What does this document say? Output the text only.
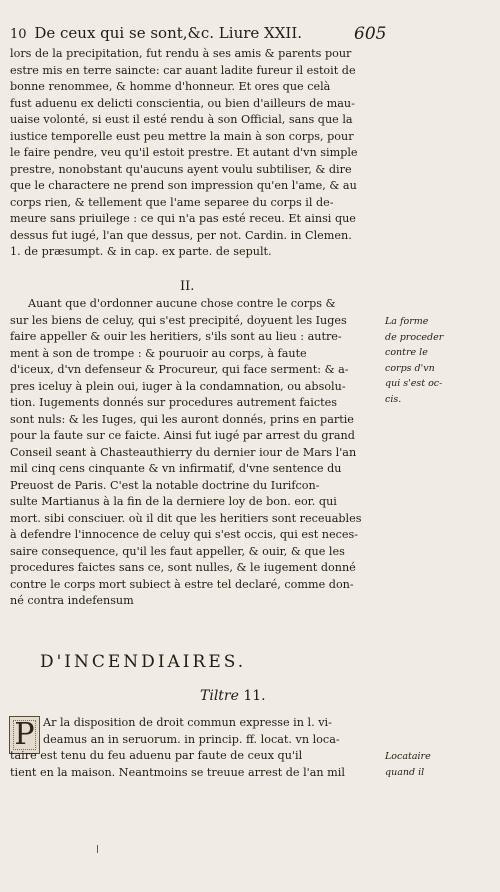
10 De ceux qui se sont,&c. Liure XXII.	605
lors de la precipitation, fut rendu à ses amis & parents pour
estre mis en terre saincte: car auant ladite fureur il estoit de
bonne renommee, & homme d'honneur. Et ores que celà
fust aduenu ex delicti conscientia, ou bien d'ailleurs de mau-
uaise volonté, si eust il esté rendu à son Official, sans que la
iustice temporelle eust peu mettre la main à son corps, pour
le faire pendre, veu qu'il estoit prestre. Et autant d'vn simple
prestre, nonobstant qu'aucuns ayent voulu subtiliser, & dire
que le charactere ne prend son impression qu'en l'ame, & au
corps rien, & tellement que l'ame separee du corps il de-
meure sans priuilege : ce qui n'a pas esté receu. Et ainsi que
dessus fut iugé, l'an que dessus, per not. Cardin. in Clemen.
1. de præsumpt. & in cap. ex parte. de sepult.
II.
Auant que d'ordonner aucune chose contre le corps &
sur les biens de celuy, qui s'est precipité, doyuent les Iuges
faire appeller & ouir les heritiers, s'ils sont au lieu : autre-
ment à son de trompe : & pouruoir au corps, à faute
d'iceux, d'vn defenseur & Procureur, qui face serment: & a-
pres iceluy à plein oui, iuger à la condamnation, ou absolu-
tion. Iugements donnés sur procedures autrement faictes
sont nuls: & les Iuges, qui les auront donnés, prins en partie
pour la faute sur ce faicte. Ainsi fut iugé par arrest du grand
Conseil seant à Chasteauthierry du dernier iour de Mars l'an
mil cinq cens cinquante & vn infirmatif, d'vne sentence du
Preuost de Paris. C'est la notable doctrine du Iurifcon-
sulte Martianus à la fin de la derniere loy de bon. eor. qui
mort. sibi consciuer. où il dit que les heritiers sont receuables
à defendre l'innocence de celuy qui s'est occis, qui est neces-
saire consequence, qu'il les faut appeller, & ouir, & que les
procedures faictes sans ce, sont nulles, & le iugement donné
contre le corps mort subiect à estre tel declaré, comme don-
né contra indefensum
La forme
de proceder
contre le
corps d'vn
qui s'est oc-
cis.
D'INCENDIAIRES.
Tiltre 11.
P Ar la disposition de droit commun expresse in l. vi-
deamus an in seruorum. in princip. ff. locat. vn loca-
taire est tenu du feu aduenu par faute de ceux qu'il
tient en la maison. Neantmoins se treuue arrest de l'an mil
Locataire
quand il
